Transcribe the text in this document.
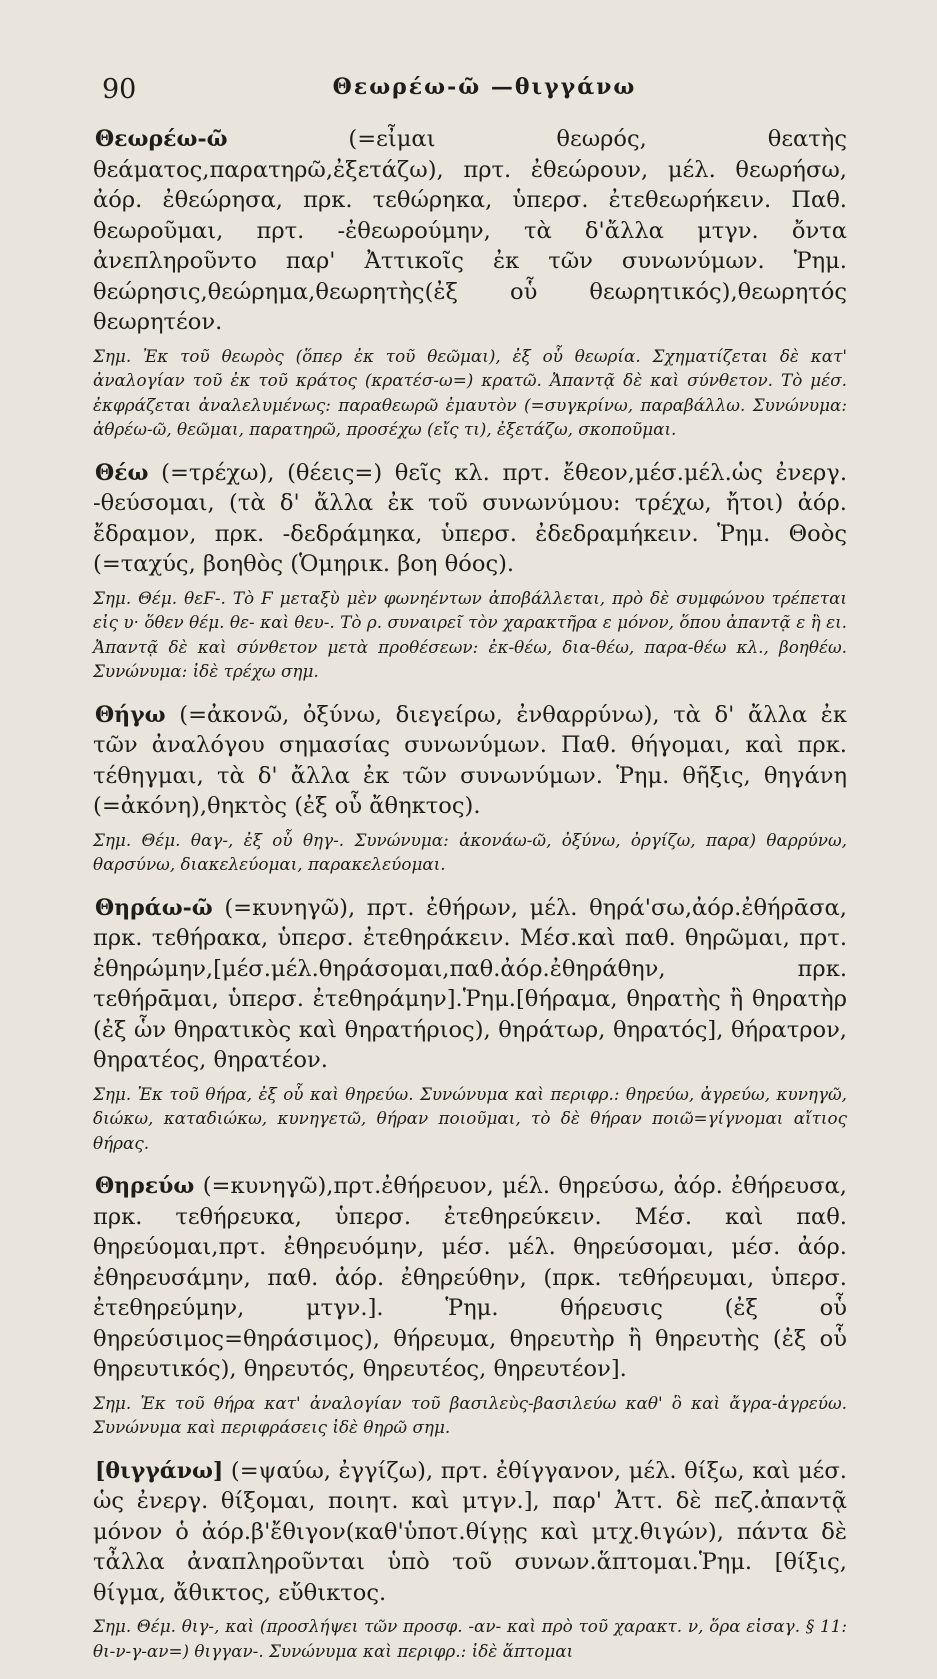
90	Θεωρέω-ῶ —θιγγάνω

Θεωρέω-ῶ (=εἶμαι θεωρός, θεατὴς θεάματος,παρατηρῶ,ἐξετάζω), πρτ. ἐθεώρουν, μέλ. θεωρήσω, ἀόρ. ἐθεώρησα, πρκ. τεθώρηκα, ὑπερσ. ἐτεθεωρήκειν. Παθ. θεωροῦμαι, πρτ. -ἐθεωρούμην, τὰ δ'ἄλλα μτγν. ὄντα ἀνεπληροῦντο παρ' Ἀττικοῖς ἐκ τῶν συνωνύμων. Ῥημ. θεώρησις,θεώρημα,θεωρητὴς(ἐξ οὗ θεωρητικός),θεωρητός θεωρητέον.

Σημ. Ἐκ τοῦ θεωρὸς (ὅπερ ἐκ τοῦ θεῶμαι), ἐξ οὗ θεωρία. Σχηματίζεται δὲ κατ' ἀναλογίαν τοῦ ἐκ τοῦ κράτος (κρατέσ-ω=) κρατῶ. Ἀπαντᾷ δὲ καὶ σύνθετον. Τὸ μέσ. ἐκφράζεται ἀναλελυμένως: παραθεωρῶ ἐμαυτὸν (=συγκρίνω, παραβάλλω. Συνώνυμα: ἀθρέω-ῶ, θεῶμαι, παρατηρῶ, προσέχω (εἴς τι), ἐξετάζω, σκοποῦμαι.

Θέω (=τρέχω), (θέεις=) θεῖς κλ. πρτ. ἔθεον,μέσ.μέλ.ὡς ἐνεργ. -θεύσομαι, (τὰ δ' ἄλλα ἐκ τοῦ συνωνύμου: τρέχω, ἤτοι) ἀόρ. ἔδραμον, πρκ. -δεδράμηκα, ὑπερσ. ἐδεδραμήκειν. Ῥημ. Θοὸς (=ταχύς, βοηθὸς (Ὁμηρικ. βοη θόος).

Σημ. Θέμ. θεϜ-. Τὸ Ϝ μεταξὺ μὲν φωνηέντων ἀποβάλλεται, πρὸ δὲ συμφώνου τρέπεται εἰς υ· ὅθεν θέμ. θε- καὶ θευ-. Τὸ ρ. συναιρεῖ τὸν χαρακτῆρα ε μόνον, ὅπου ἀπαντᾷ ε ἢ ει. Ἀπαντᾷ δὲ καὶ σύνθετον μετὰ προθέσεων: ἐκ-θέω, δια-θέω, παρα-θέω κλ., βοηθέω. Συνώνυμα: ἰδὲ τρέχω σημ.

Θήγω (=ἀκονῶ, ὀξύνω, διεγείρω, ἐνθαρρύνω), τὰ δ' ἄλλα ἐκ τῶν ἀναλόγου σημασίας συνωνύμων. Παθ. θήγομαι, καὶ πρκ. τέθηγμαι, τὰ δ' ἄλλα ἐκ τῶν συνωνύμων. Ῥημ. θῆξις, θηγάνη (=ἀκόνη),θηκτὸς (ἐξ οὗ ἄθηκτος).

Σημ. Θέμ. θαγ-, ἐξ οὗ θηγ-. Συνώνυμα: ἀκονάω-ῶ, ὀξύνω, ὀργίζω, παρα) θαρρύνω, θαρσύνω, διακελεύομαι, παρακελεύομαι.

Θηράω-ῶ (=κυνηγῶ), πρτ. ἐθήρων, μέλ. θηρά'σω,ἀόρ.ἐθήρᾱσα, πρκ. τεθήρακα, ὑπερσ. ἐτεθηράκειν. Μέσ.καὶ παθ. θηρῶμαι, πρτ. ἐθηρώμην,[μέσ.μέλ.θηράσομαι,παθ.ἀόρ.ἐθηράθην, πρκ. τεθήρᾱμαι, ὑπερσ. ἐτεθηράμην].Ῥημ.[θήραμα, θηρατὴς ἢ θηρατὴρ (ἐξ ὧν θηρατικὸς καὶ θηρατήριος), θηράτωρ, θηρατός], θήρατρον, θηρατέος, θηρατέον.

Σημ. Ἐκ τοῦ θήρα, ἐξ οὗ καὶ θηρεύω. Συνώνυμα καὶ περιφρ.: θηρεύω, ἀγρεύω, κυνηγῶ, διώκω, καταδιώκω, κυνηγετῶ, θήραν ποιοῦμαι, τὸ δὲ θήραν ποιῶ=γίγνομαι αἴτιος θήρας.

Θηρεύω (=κυνηγῶ),πρτ.ἐθήρευον, μέλ. θηρεύσω, ἀόρ. ἐθήρευσα, πρκ. τεθήρευκα, ὑπερσ. ἐτεθηρεύκειν. Μέσ. καὶ παθ. θηρεύομαι,πρτ. ἐθηρευόμην, μέσ. μέλ. θηρεύσομαι, μέσ. ἀόρ. ἐθηρευσάμην, παθ. ἀόρ. ἐθηρεύθην, (πρκ. τεθήρευμαι, ὑπερσ. ἐτεθηρεύμην, μτγν.]. Ῥημ. θήρευσις (ἐξ οὗ θηρεύσιμος=θηράσιμος), θήρευμα, θηρευτὴρ ἢ θηρευτὴς (ἐξ οὗ θηρευτικός), θηρευτός, θηρευτέος, θηρευτέον].

Σημ. Ἐκ τοῦ θήρα κατ' ἀναλογίαν τοῦ βασιλεὺς-βασιλεύω καθ' ὃ καὶ ἄγρα-ἀγρεύω. Συνώνυμα καὶ περιφράσεις ἰδὲ θηρῶ σημ.

[θιγγάνω] (=ψαύω, ἐγγίζω), πρτ. ἐθίγγανον, μέλ. θίξω, καὶ μέσ. ὡς ἐνεργ. θίξομαι, ποιητ. καὶ μτγν.], παρ' Ἀττ. δὲ πεζ.ἀπαντᾷ μόνον ὁ ἀόρ.β'ἔθιγον(καθ'ὑποτ.θίγῃς καὶ μτχ.θιγών), πάντα δὲ τἆλλα ἀναπληροῦνται ὑπὸ τοῦ συνων.ἅπτομαι.Ῥημ. [θίξις, θίγμα, ἄθικτος, εὔθικτος.

Σημ. Θέμ. θιγ-, καὶ (προσλήψει τῶν προσφ. -αν- καὶ πρὸ τοῦ χαρακτ. ν, ὅρα εἰσαγ. § 11: θι-ν-γ-αν=) θιγγαν-. Συνώνυμα καὶ περιφρ.: ἰδὲ ἅπτομαι
